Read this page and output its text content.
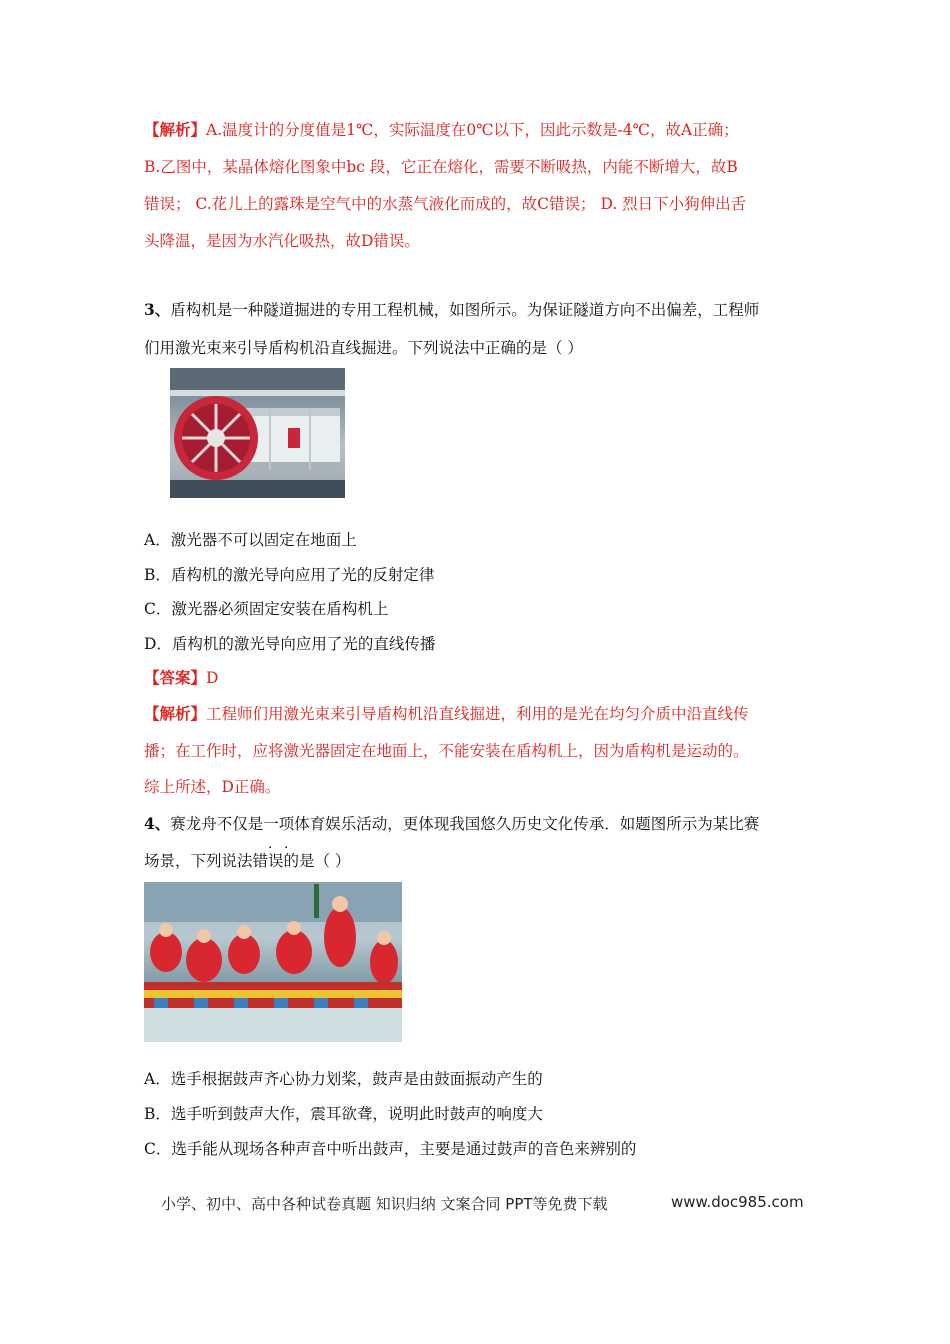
【解析】A.温度计的分度值是1℃，实际温度在0℃以下，因此示数是-4℃，故A正确；
B.乙图中，某晶体熔化图象中bc 段，它正在熔化，需要不断吸热，内能不断增大，故B
错误； C.花儿上的露珠是空气中的水蒸气液化而成的，故C错误； D. 烈日下小狗伸出舌
头降温，是因为水汽化吸热，故D错误。
3、盾构机是一种隧道掘进的专用工程机械，如图所示。为保证隧道方向不出偏差，工程师
们用激光束来引导盾构机沿直线掘进。下列说法中正确的是（ ）
A．激光器不可以固定在地面上
B．盾构机的激光导向应用了光的反射定律
C．激光器必须固定安装在盾构机上
D．盾构机的激光导向应用了光的直线传播
【答案】D
【解析】工程师们用激光束来引导盾构机沿直线掘进，利用的是光在均匀介质中沿直线传
播；在工作时，应将激光器固定在地面上，不能安装在盾构机上，因为盾构机是运动的。
综上所述，D正确。
4、赛龙舟不仅是一项体育娱乐活动，更体现我国悠久历史文化传承．如题图所示为某比赛
· ·
场景，下列说法错误的是（ ）
A．选手根据鼓声齐心协力划桨，鼓声是由鼓面振动产生的
B．选手听到鼓声大作，震耳欲聋，说明此时鼓声的响度大
C．选手能从现场各种声音中听出鼓声，主要是通过鼓声的音色来辨别的
小学、初中、高中各种试卷真题 知识归纳 文案合同 PPT等免费下载	www.doc985.com
